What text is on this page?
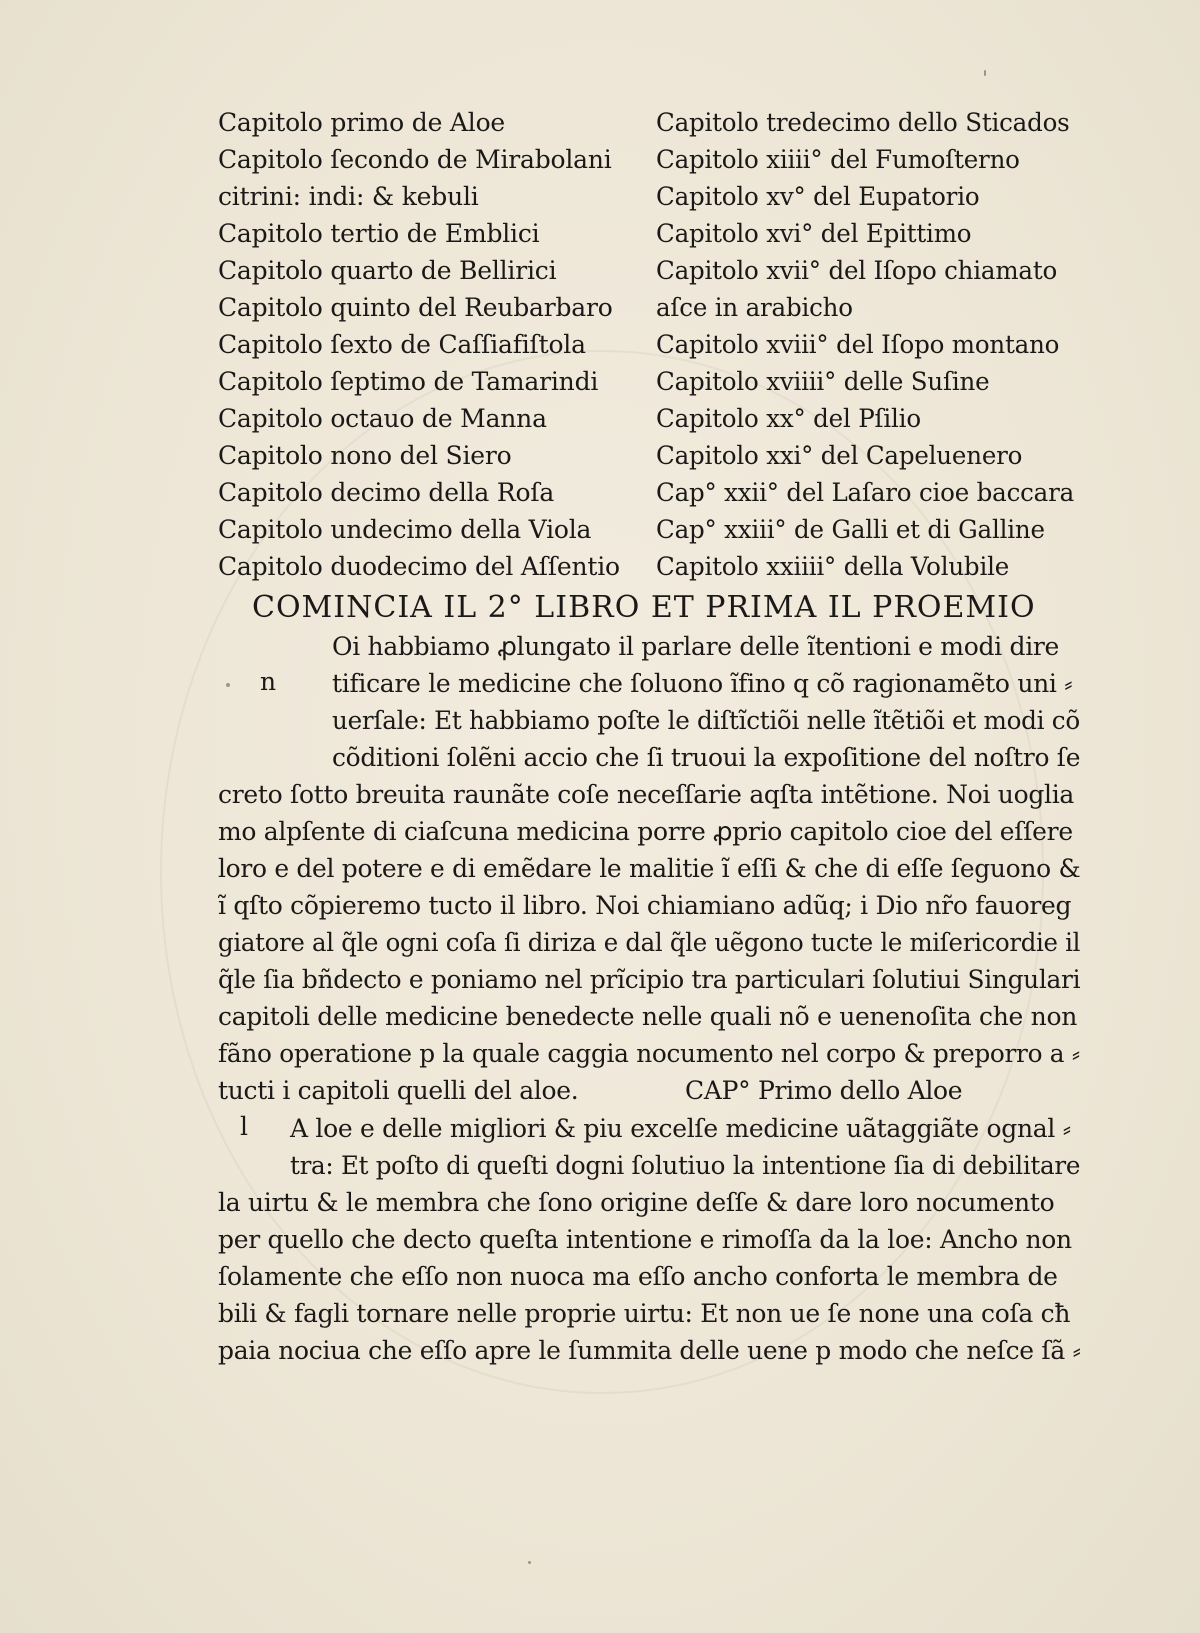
Capitolo primo de Aloe
Capitolo ſecondo de Mirabolani
citrini: indi: & kebuli
Capitolo tertio de Emblici
Capitolo quarto de Bellirici
Capitolo quinto del Reubarbaro
Capitolo ſexto de Caſſiafiſtola
Capitolo ſeptimo de Tamarindi
Capitolo octauo de Manna
Capitolo nono del Siero
Capitolo decimo della Roſa
Capitolo undecimo della Viola
Capitolo duodecimo del Aſſentio
Capitolo tredecimo dello Sticados
Capitolo xiiii° del Fumoſterno
Capitolo xv° del Eupatorio
Capitolo xvi° del Epittimo
Capitolo xvii° del Iſopo chiamato
aſce in arabicho
Capitolo xviii° del Iſopo montano
Capitolo xviiii° delle Suſine
Capitolo xx° del Pſilio
Capitolo xxi° del Capeluenero
Cap° xxii° del Laſaro cioe baccara
Cap° xxiii° de Galli et di Galline
Capitolo xxiiii° della Volubile
COMINCIA IL 2° LIBRO ET PRIMA IL PROEMIO
n
Oi habbiamo ꝓlungato il parlare delle ĩtentioni e modi dire
tificare le medicine che ſoluono ĩfino q cõ ragionamẽto uni ⸗
uerſale: Et habbiamo poſte le diſtĩctiõi nelle ĩtẽtiõi et modi cõ
cõditioni ſolẽni accio che ſi truoui la expoſitione del noſtro ſe
creto ſotto breuita raunãte coſe neceſſarie aqſta intẽtione. Noi uoglia
mo alpſente di ciaſcuna medicina porre ꝓprio capitolo cioe del eſſere
loro e del potere e di emẽdare le malitie ĩ eſſi & che di eſſe ſeguono &
ĩ qſto cõpieremo tucto il libro. Noi chiamiano adũq; i Dio nr̃o fauoreg
giatore al q̃le ogni coſa ſi diriza e dal q̃le uẽgono tucte le miſericordie il
q̃le ſia bñdecto e poniamo nel prĩcipio tra particulari ſolutiui Singulari
capitoli delle medicine benedecte nelle quali nõ e uenenoſita che non
fãno operatione p la quale caggia nocumento nel corpo & preporro a ⸗
tucti i capitoli quelli del aloe.	CAP° Primo dello Aloe
l A loe e delle migliori & piu excelſe medicine uãtaggiãte ognal ⸗
tra: Et poſto di queſti dogni ſolutiuo la intentione ſia di debilitare
la uirtu & le membra che ſono origine deſſe & dare loro nocumento
per quello che decto queſta intentione e rimoſſa da la loe: Ancho non
ſolamente che eſſo non nuoca ma eſſo ancho conforta le membra de
bili & fagli tornare nelle proprie uirtu: Et non ue ſe none una coſa cħ
paia nociua che eſſo apre le ſummita delle uene p modo che neſce ſã ⸗
